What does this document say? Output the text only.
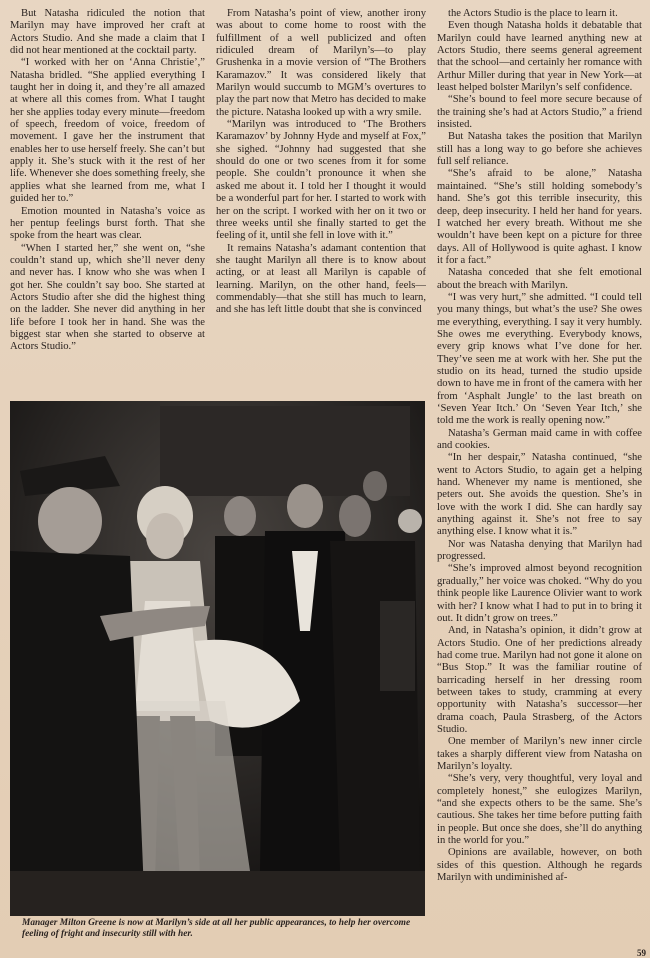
But Natasha ridiculed the notion that Marilyn may have improved her craft at Actors Studio. And she made a claim that I did not hear mentioned at the cocktail party.

“I worked with her on ‘Anna Christie’,” Natasha bridled. “She applied everything I taught her in doing it, and they’re all amazed at where all this comes from. What I taught her she applies today every minute—freedom of speech, freedom of voice, freedom of movement. I gave her the instrument that enables her to use herself freely. She can’t but apply it. She’s stuck with it the rest of her life. Whenever she does something freely, she applies what she learned from me, what I guided her to.”

Emotion mounted in Natasha’s voice as her pentup feelings burst forth. That she spoke from the heart was clear.

“When I started her,” she went on, “she couldn’t stand up, which she’ll never deny and never has. I know who she was when I got her. She couldn’t say boo. She started at Actors Studio after she did the highest thing on the ladder. She never did anything in her life before I took her in hand. She was the biggest star when she started to observe at Actors Studio.”

From Natasha’s point of view, another irony was about to come home to roost with the fulfillment of a well publicized and often ridiculed dream of Marilyn’s—to play Grushenka in a movie version of “The Brothers Karamazov.” It was considered likely that Marilyn would succumb to MGM’s overtures to play the part now that Metro has decided to make the picture. Natasha looked up with a wry smile.

“Marilyn was introduced to ‘The Brothers Karamazov’ by Johnny Hyde and myself at Fox,” she sighed. “Johnny had suggested that she should do one or two scenes from it for some people. She couldn’t pronounce it when she asked me about it. I told her I thought it would be a wonderful part for her. I started to work with her on the script. I worked with her on it two or three weeks until she finally started to get the feeling of it, until she fell in love with it.”

It remains Natasha’s adamant contention that she taught Marilyn all there is to know about acting, or at least all Marilyn is capable of learning. Marilyn, on the other hand, feels—commendably—that she still has much to learn, and she has left little doubt that she is convinced

the Actors Studio is the place to learn it.

Even though Natasha holds it debatable that Marilyn could have learned anything new at Actors Studio, there seems general agreement that the school—and certainly her romance with Arthur Miller during that year in New York—at least helped bolster Marilyn’s self confidence.

“She’s bound to feel more secure because of the training she’s had at Actors Studio,” a friend insisted.

But Natasha takes the position that Marilyn still has a long way to go before she achieves full self reliance.

“She’s afraid to be alone,” Natasha maintained. “She’s still holding somebody’s hand. She’s got this terrible insecurity, this deep, deep insecurity. I held her hand for years. I watched her every breath. Without me she wouldn’t have been kept on a picture for three days. All of Hollywood is quite aghast. I know it for a fact.”

Natasha conceded that she felt emotional about the breach with Marilyn.

“I was very hurt,” she admitted. “I could tell you many things, but what’s the use? She owes me everything, everything. I say it very humbly. She owes me everything. Everybody knows, every grip knows what I’ve done for her. They’ve seen me at work with her. She put the studio on its head, turned the studio upside down to have me in front of the camera with her from ‘Asphalt Jungle’ to the last breath on ‘Seven Year Itch.’ On ‘Seven Year Itch,’ she told me the work is really opening now.”

Natasha’s German maid came in with coffee and cookies.

“In her despair,” Natasha continued, “she went to Actors Studio, to again get a helping hand. Whenever my name is mentioned, she peters out. She avoids the question. She’s in love with the work I did. She can hardly say anything against it. She’s not free to say anything else. I know what it is.”

Nor was Natasha denying that Marilyn had progressed.

“She’s improved almost beyond recognition gradually,” her voice was choked. “Why do you think people like Laurence Olivier want to work with her? I know what I had to put in to bring it out. It didn’t grow on trees.”

And, in Natasha’s opinion, it didn’t grow at Actors Studio. One of her predictions already had come true. Marilyn had not gone it alone on “Bus Stop.” It was the familiar routine of barricading herself in her dressing room between takes to study, cramming at every opportunity with Natasha’s successor—her drama coach, Paula Strasberg, of the Actors Studio.

One member of Marilyn’s new inner circle takes a sharply different view from Natasha on Marilyn’s loyalty.

“She’s very, very thoughtful, very loyal and completely honest,” she eulogizes Marilyn, “and she expects others to be the same. She’s cautious. She takes her time before putting faith in people. But once she does, she’ll do anything in the world for you.”

Opinions are available, however, on both sides of this question. Although he regards Marilyn with undiminished af-

Manager Milton Greene is now at Marilyn’s side at all her public appearances, to help her overcome feeling of fright and insecurity still with her.
59
